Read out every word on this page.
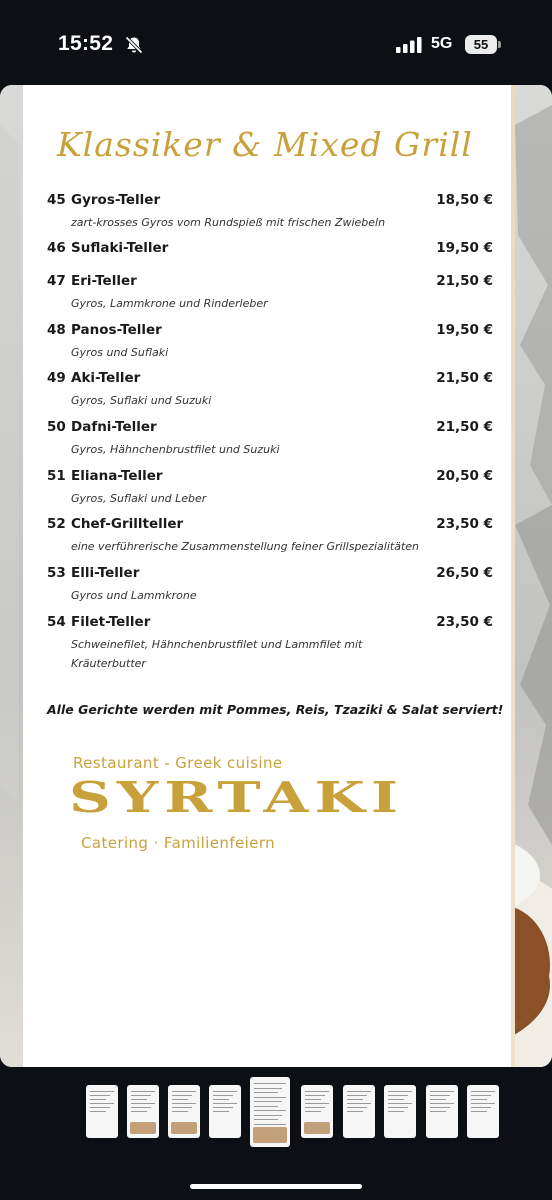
15:52	5G	55
Klassiker & Mixed Grill
45 Gyros-Teller	18,50 €
zart-krosses Gyros vom Rundspieß mit frischen Zwiebeln
46 Suflaki-Teller	19,50 €
47 Eri-Teller	21,50 €
Gyros, Lammkrone und Rinderleber
48 Panos-Teller	19,50 €
Gyros und Suflaki
49 Aki-Teller	21,50 €
Gyros, Suflaki und Suzuki
50 Dafni-Teller	21,50 €
Gyros, Hähnchenbrustfilet und Suzuki
51 Eliana-Teller	20,50 €
Gyros, Suflaki und Leber
52 Chef-Grillteller	23,50 €
eine verführerische Zusammenstellung feiner Grillspezialitäten
53 Elli-Teller	26,50 €
Gyros und Lammkrone
54 Filet-Teller	23,50 €
Schweinefilet, Hähnchenbrustfilet und Lammfilet mit Kräuterbutter
Alle Gerichte werden mit Pommes, Reis, Tzaziki & Salat serviert!
Restaurant - Greek cuisine
SYRTAKI
Catering · Familienfeiern
